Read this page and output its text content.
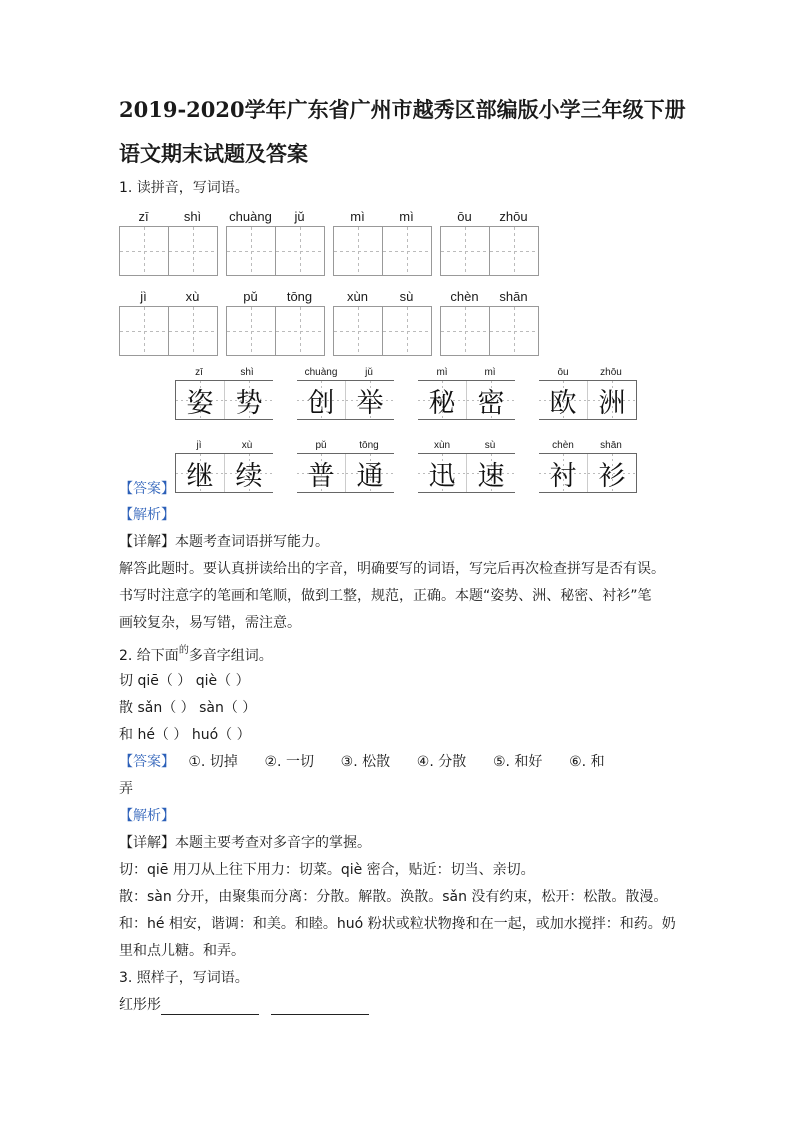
2019-2020学年广东省广州市越秀区部编版小学三年级下册
语文期末试题及答案
1. 读拼音，写词语。
zī	shì	chuàng	jǔ	mì	mì	ōu	zhōu
jì	xù	pǔ	tōng	xùn	sù	chèn	shān
zī	shì
姿 势
chuàng	jǔ
创 举
mì	mì
秘 密
ōu	zhōu
欧 洲
jì	xù
继 续
pǔ	tōng
普 通
xùn	sù
迅 速
chèn	shān
衬 衫
【答案】
【解析】
【详解】本题考查词语拼写能力。
解答此题时。要认真拼读给出的字音，明确要写的词语，写完后再次检查拼写是否有误。
书写时注意字的笔画和笔顺，做到工整，规范，正确。本题“姿势、洲、秘密、衬衫”笔
画较复杂，易写错，需注意。
2. 给下面$^的$多音字组词。
切 qiē（ ） qiè（ ）
散 sǎn（ ） sàn（ ）
和 hé（ ） huó（ ）
【答案】   ①. 切掉      ②. 一切      ③. 松散      ④. 分散      ⑤. 和好      ⑥. 和
弄
【解析】
【详解】本题主要考查对多音字的掌握。
切：qiē 用刀从上往下用力：切菜。qiè 密合，贴近：切当、亲切。
散：sàn 分开，由聚集而分离：分散。解散。涣散。sǎn 没有约束，松开：松散。散漫。
和：hé 相安，谐调：和美。和睦。huó 粉状或粒状物搀和在一起，或加水搅拌：和药。奶
里和点儿糖。和弄。
3. 照样子，写词语。
红彤彤
